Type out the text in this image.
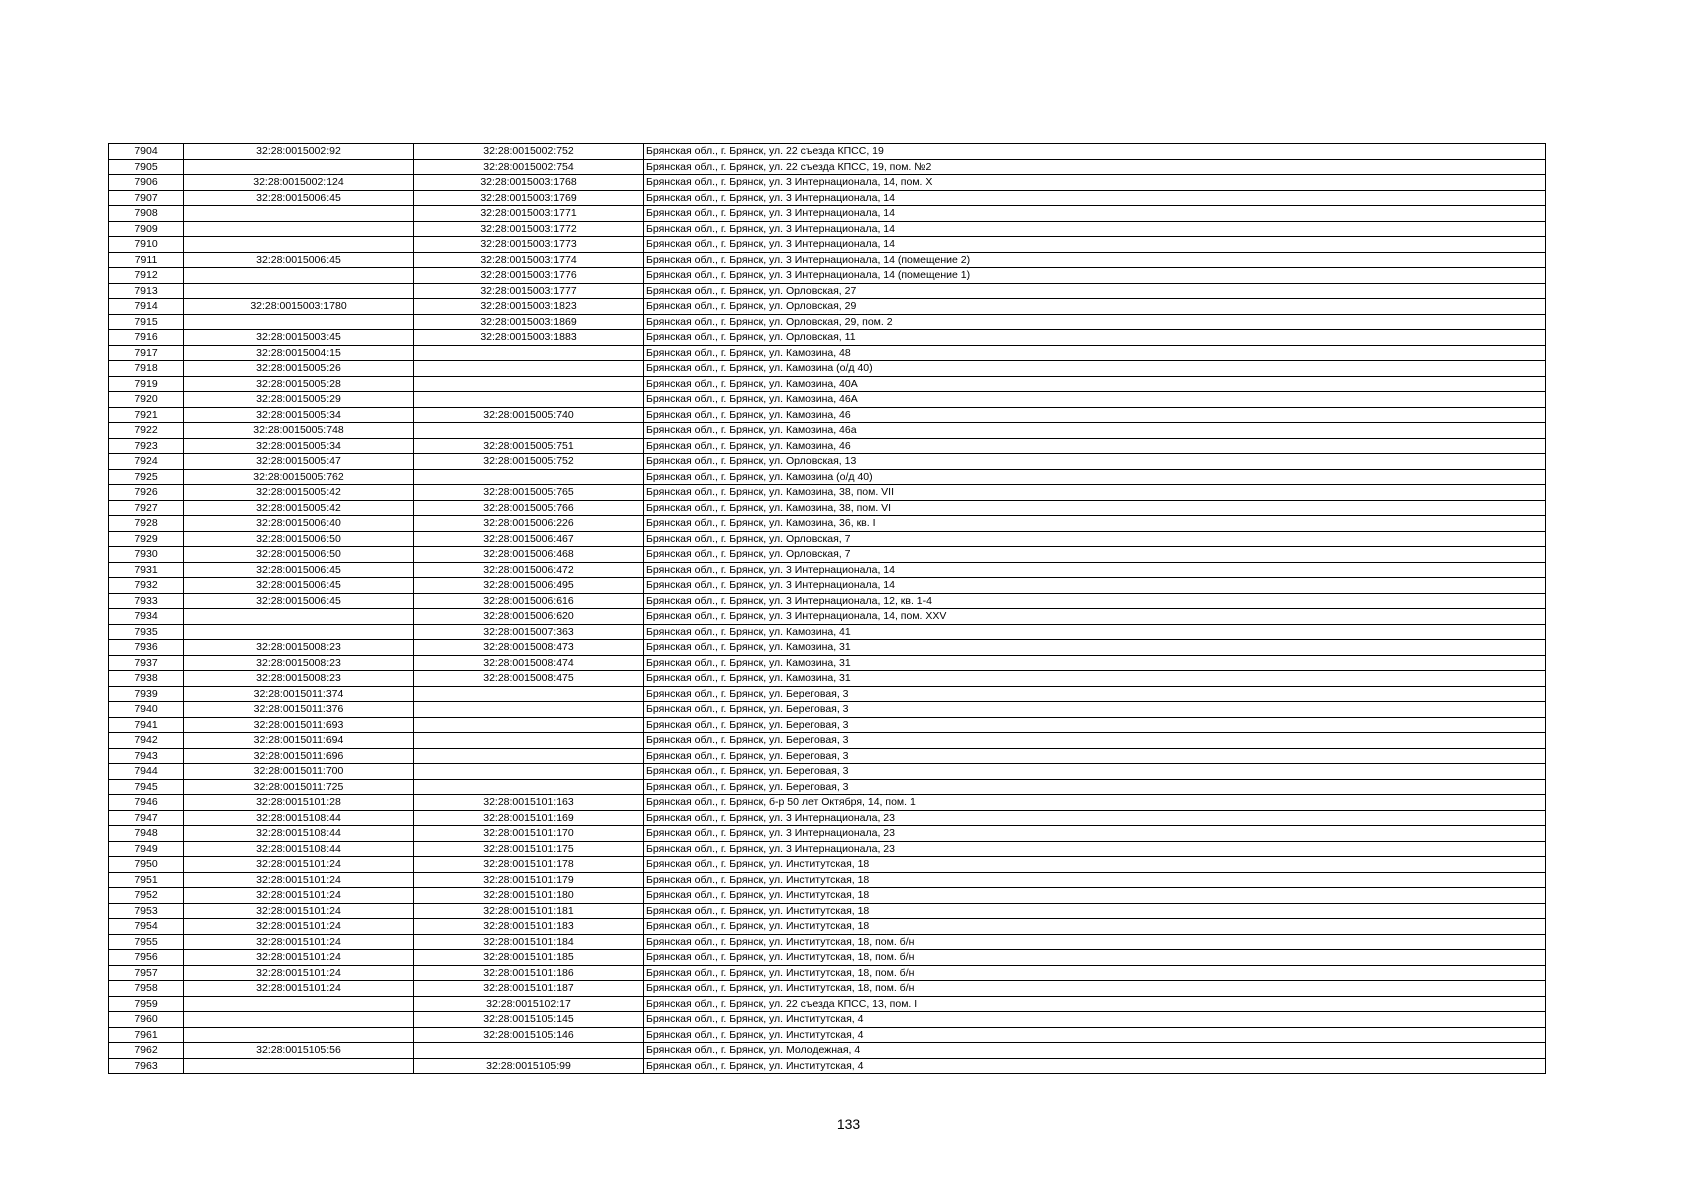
7904	32:28:0015002:92	32:28:0015002:752	Брянская обл., г. Брянск, ул. 22 съезда КПСС, 19
7905		32:28:0015002:754	Брянская обл., г. Брянск, ул. 22 съезда КПСС, 19, пом. №2
7906	32:28:0015002:124	32:28:0015003:1768	Брянская обл., г. Брянск, ул. 3 Интернационала, 14, пом. X
7907	32:28:0015006:45	32:28:0015003:1769	Брянская обл., г. Брянск, ул. 3 Интернационала, 14
7908		32:28:0015003:1771	Брянская обл., г. Брянск, ул. 3 Интернационала, 14
7909		32:28:0015003:1772	Брянская обл., г. Брянск, ул. 3 Интернационала, 14
7910		32:28:0015003:1773	Брянская обл., г. Брянск, ул. 3 Интернационала, 14
7911	32:28:0015006:45	32:28:0015003:1774	Брянская обл., г. Брянск, ул. 3 Интернационала, 14 (помещение 2)
7912		32:28:0015003:1776	Брянская обл., г. Брянск, ул. 3 Интернационала, 14 (помещение 1)
7913		32:28:0015003:1777	Брянская обл., г. Брянск, ул. Орловская, 27
7914	32:28:0015003:1780	32:28:0015003:1823	Брянская обл., г. Брянск, ул. Орловская, 29
7915		32:28:0015003:1869	Брянская обл., г. Брянск, ул. Орловская, 29, пом. 2
7916	32:28:0015003:45	32:28:0015003:1883	Брянская обл., г. Брянск, ул. Орловская, 11
7917	32:28:0015004:15		Брянская обл., г. Брянск, ул. Камозина, 48
7918	32:28:0015005:26		Брянская обл., г. Брянск, ул. Камозина (о/д 40)
7919	32:28:0015005:28		Брянская обл., г. Брянск, ул. Камозина, 40А
7920	32:28:0015005:29		Брянская обл., г. Брянск, ул. Камозина, 46А
7921	32:28:0015005:34	32:28:0015005:740	Брянская обл., г. Брянск, ул. Камозина, 46
7922	32:28:0015005:748		Брянская обл., г. Брянск, ул. Камозина, 46а
7923	32:28:0015005:34	32:28:0015005:751	Брянская обл., г. Брянск, ул. Камозина, 46
7924	32:28:0015005:47	32:28:0015005:752	Брянская обл., г. Брянск, ул. Орловская, 13
7925	32:28:0015005:762		Брянская обл., г. Брянск, ул. Камозина (о/д 40)
7926	32:28:0015005:42	32:28:0015005:765	Брянская обл., г. Брянск, ул. Камозина, 38, пом. VII
7927	32:28:0015005:42	32:28:0015005:766	Брянская обл., г. Брянск, ул. Камозина, 38, пом. VI
7928	32:28:0015006:40	32:28:0015006:226	Брянская обл., г. Брянск, ул. Камозина, 36, кв. I
7929	32:28:0015006:50	32:28:0015006:467	Брянская обл., г. Брянск, ул. Орловская, 7
7930	32:28:0015006:50	32:28:0015006:468	Брянская обл., г. Брянск, ул. Орловская, 7
7931	32:28:0015006:45	32:28:0015006:472	Брянская обл., г. Брянск, ул. 3 Интернационала, 14
7932	32:28:0015006:45	32:28:0015006:495	Брянская обл., г. Брянск, ул. 3 Интернационала, 14
7933	32:28:0015006:45	32:28:0015006:616	Брянская обл., г. Брянск, ул. 3 Интернационала, 12, кв. 1-4
7934		32:28:0015006:620	Брянская обл., г. Брянск, ул. 3 Интернационала, 14, пом. XXV
7935		32:28:0015007:363	Брянская обл., г. Брянск, ул. Камозина, 41
7936	32:28:0015008:23	32:28:0015008:473	Брянская обл., г. Брянск, ул. Камозина, 31
7937	32:28:0015008:23	32:28:0015008:474	Брянская обл., г. Брянск, ул. Камозина, 31
7938	32:28:0015008:23	32:28:0015008:475	Брянская обл., г. Брянск, ул. Камозина, 31
7939	32:28:0015011:374		Брянская обл., г. Брянск, ул. Береговая, 3
7940	32:28:0015011:376		Брянская обл., г. Брянск, ул. Береговая, 3
7941	32:28:0015011:693		Брянская обл., г. Брянск, ул. Береговая, 3
7942	32:28:0015011:694		Брянская обл., г. Брянск, ул. Береговая, 3
7943	32:28:0015011:696		Брянская обл., г. Брянск, ул. Береговая, 3
7944	32:28:0015011:700		Брянская обл., г. Брянск, ул. Береговая, 3
7945	32:28:0015011:725		Брянская обл., г. Брянск, ул. Береговая, 3
7946	32:28:0015101:28	32:28:0015101:163	Брянская обл., г. Брянск, б-р 50 лет Октября, 14, пом. 1
7947	32:28:0015108:44	32:28:0015101:169	Брянская обл., г. Брянск, ул. 3 Интернационала, 23
7948	32:28:0015108:44	32:28:0015101:170	Брянская обл., г. Брянск, ул. 3 Интернационала, 23
7949	32:28:0015108:44	32:28:0015101:175	Брянская обл., г. Брянск, ул. 3 Интернационала, 23
7950	32:28:0015101:24	32:28:0015101:178	Брянская обл., г. Брянск, ул. Институтская, 18
7951	32:28:0015101:24	32:28:0015101:179	Брянская обл., г. Брянск, ул. Институтская, 18
7952	32:28:0015101:24	32:28:0015101:180	Брянская обл., г. Брянск, ул. Институтская, 18
7953	32:28:0015101:24	32:28:0015101:181	Брянская обл., г. Брянск, ул. Институтская, 18
7954	32:28:0015101:24	32:28:0015101:183	Брянская обл., г. Брянск, ул. Институтская, 18
7955	32:28:0015101:24	32:28:0015101:184	Брянская обл., г. Брянск, ул. Институтская, 18, пом. б/н
7956	32:28:0015101:24	32:28:0015101:185	Брянская обл., г. Брянск, ул. Институтская, 18, пом. б/н
7957	32:28:0015101:24	32:28:0015101:186	Брянская обл., г. Брянск, ул. Институтская, 18, пом. б/н
7958	32:28:0015101:24	32:28:0015101:187	Брянская обл., г. Брянск, ул. Институтская, 18, пом. б/н
7959		32:28:0015102:17	Брянская обл., г. Брянск, ул. 22 съезда КПСС, 13, пом. I
7960		32:28:0015105:145	Брянская обл., г. Брянск, ул. Институтская, 4
7961		32:28:0015105:146	Брянская обл., г. Брянск, ул. Институтская, 4
7962	32:28:0015105:56		Брянская обл., г. Брянск, ул. Молодежная, 4
7963		32:28:0015105:99	Брянская обл., г. Брянск, ул. Институтская, 4
133
